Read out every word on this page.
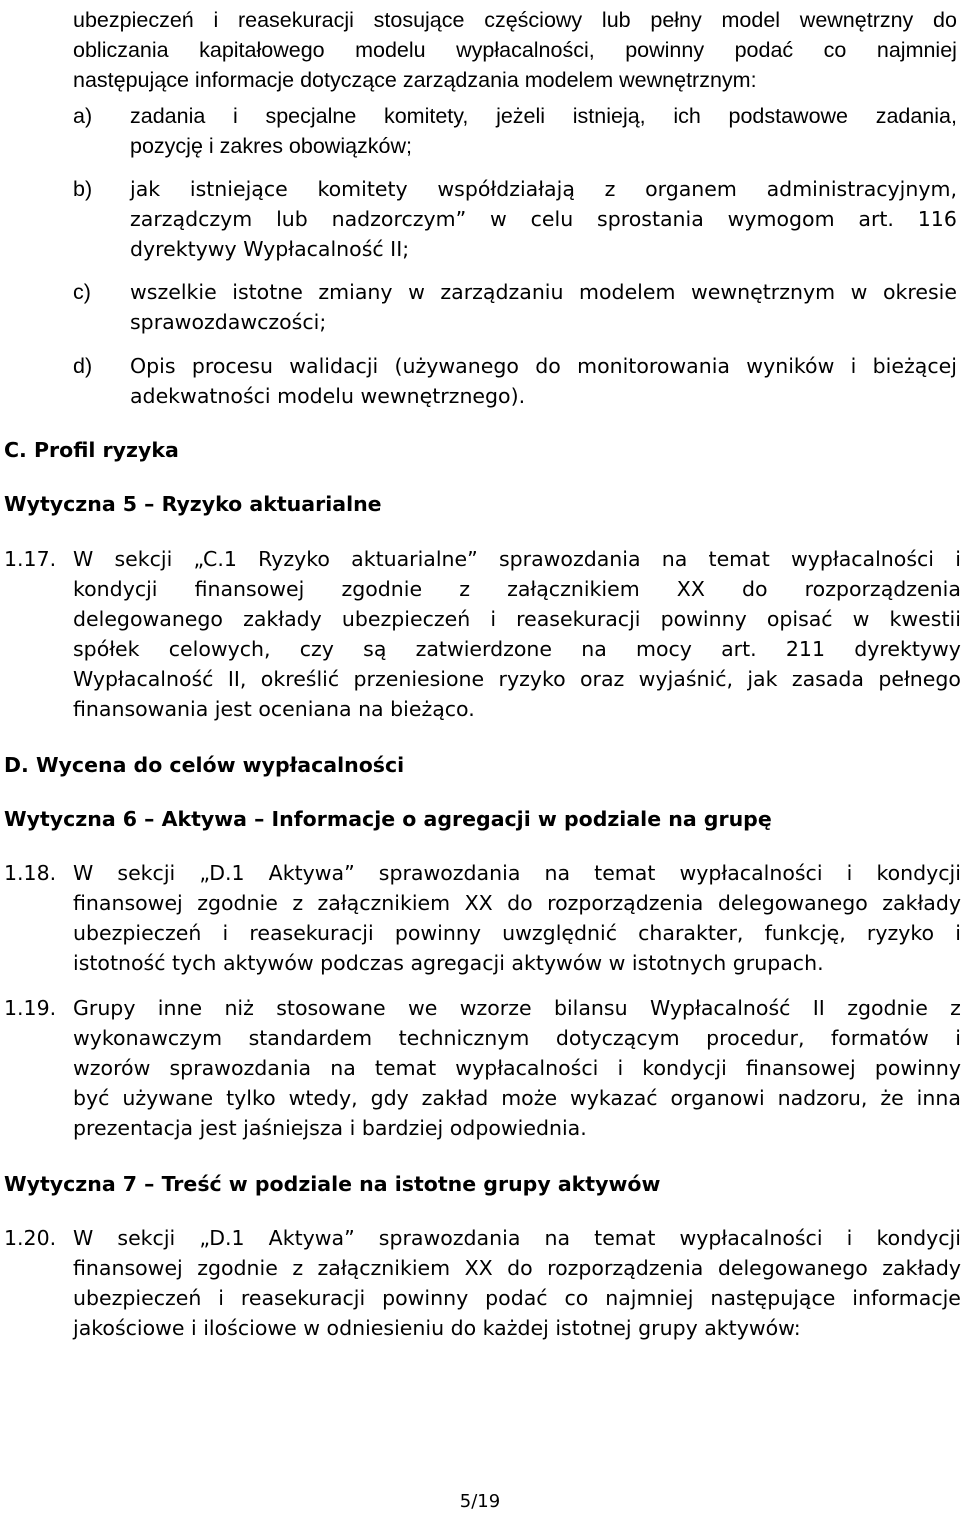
ubezpieczeń i reasekuracji stosujące częściowy lub pełny model wewnętrzny do
obliczania kapitałowego modelu wypłacalności, powinny podać co najmniej
następujące informacje dotyczące zarządzania modelem wewnętrznym:
a)	zadania i specjalne komitety, jeżeli istnieją, ich podstawowe zadania,
pozycję i zakres obowiązków;
b)	jak istniejące komitety współdziałają z organem administracyjnym,
zarządczym lub nadzorczym” w celu sprostania wymogom art. 116
dyrektywy Wypłacalność II;
c)	wszelkie istotne zmiany w zarządzaniu modelem wewnętrznym w okresie
sprawozdawczości;
d)	Opis procesu walidacji (używanego do monitorowania wyników i bieżącej
adekwatności modelu wewnętrznego).
C. Profil ryzyka
Wytyczna 5 – Ryzyko aktuarialne
1.17. W sekcji „C.1 Ryzyko aktuarialne” sprawozdania na temat wypłacalności i
kondycji finansowej zgodnie z załącznikiem XX do rozporządzenia
delegowanego zakłady ubezpieczeń i reasekuracji powinny opisać w kwestii
spółek celowych, czy są zatwierdzone na mocy art. 211 dyrektywy
Wypłacalność II, określić przeniesione ryzyko oraz wyjaśnić, jak zasada pełnego
finansowania jest oceniana na bieżąco.
D. Wycena do celów wypłacalności
Wytyczna 6 – Aktywa – Informacje o agregacji w podziale na grupę
1.18. W sekcji „D.1 Aktywa” sprawozdania na temat wypłacalności i kondycji
finansowej zgodnie z załącznikiem XX do rozporządzenia delegowanego zakłady
ubezpieczeń i reasekuracji powinny uwzględnić charakter, funkcję, ryzyko i
istotność tych aktywów podczas agregacji aktywów w istotnych grupach.
1.19. Grupy inne niż stosowane we wzorze bilansu Wypłacalność II zgodnie z
wykonawczym standardem technicznym dotyczącym procedur, formatów i
wzorów sprawozdania na temat wypłacalności i kondycji finansowej powinny
być używane tylko wtedy, gdy zakład może wykazać organowi nadzoru, że inna
prezentacja jest jaśniejsza i bardziej odpowiednia.
Wytyczna 7 – Treść w podziale na istotne grupy aktywów
1.20. W sekcji „D.1 Aktywa” sprawozdania na temat wypłacalności i kondycji
finansowej zgodnie z załącznikiem XX do rozporządzenia delegowanego zakłady
ubezpieczeń i reasekuracji powinny podać co najmniej następujące informacje
jakościowe i ilościowe w odniesieniu do każdej istotnej grupy aktywów:
5/19
